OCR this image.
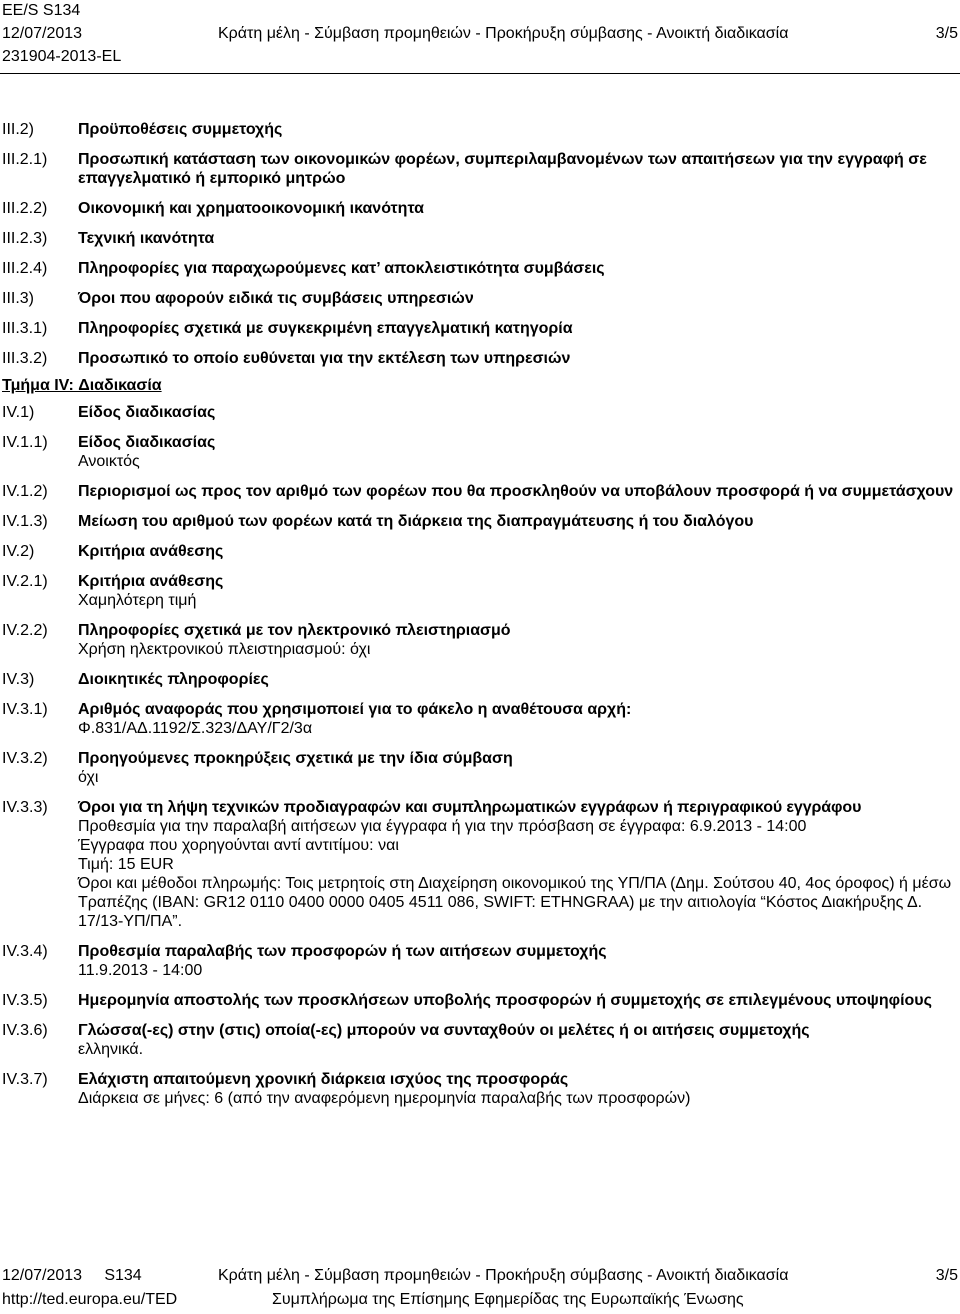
EE/S S134
12/07/2013	Κράτη μέλη - Σύμβαση προμηθειών - Προκήρυξη σύμβασης - Ανοικτή διαδικασία	3/5
231904-2013-EL
III.2)	Προϋποθέσεις συμμετοχής
III.2.1)	Προσωπική κατάσταση των οικονομικών φορέων, συμπεριλαμβανομένων των απαιτήσεων για την εγγραφή σε επαγγελματικό ή εμπορικό μητρώο
III.2.2)	Οικονομική και χρηματοοικονομική ικανότητα
III.2.3)	Τεχνική ικανότητα
III.2.4)	Πληροφορίες για παραχωρούμενες κατ’ αποκλειστικότητα συμβάσεις
III.3)	Όροι που αφορούν ειδικά τις συμβάσεις υπηρεσιών
III.3.1)	Πληροφορίες σχετικά με συγκεκριμένη επαγγελματική κατηγορία
III.3.2)	Προσωπικό το οποίο ευθύνεται για την εκτέλεση των υπηρεσιών
Τμήμα IV: Διαδικασία
IV.1)	Είδος διαδικασίας
IV.1.1)	Είδος διαδικασίας
Ανοικτός
IV.1.2)	Περιορισμοί ως προς τον αριθμό των φορέων που θα προσκληθούν να υποβάλουν προσφορά ή να συμμετάσχουν
IV.1.3)	Μείωση του αριθμού των φορέων κατά τη διάρκεια της διαπραγμάτευσης ή του διαλόγου
IV.2)	Κριτήρια ανάθεσης
IV.2.1)	Κριτήρια ανάθεσης
Χαμηλότερη τιμή
IV.2.2)	Πληροφορίες σχετικά με τον ηλεκτρονικό πλειστηριασμό
Χρήση ηλεκτρονικού πλειστηριασμού: όχι
IV.3)	Διοικητικές πληροφορίες
IV.3.1)	Αριθμός αναφοράς που χρησιμοποιεί για το φάκελο η αναθέτουσα αρχή:
Φ.831/ΑΔ.1192/Σ.323/ΔΑΥ/Γ2/3α
IV.3.2)	Προηγούμενες προκηρύξεις σχετικά με την ίδια σύμβαση
όχι
IV.3.3)	Όροι για τη λήψη τεχνικών προδιαγραφών και συμπληρωματικών εγγράφων ή περιγραφικού εγγράφου
Προθεσμία για την παραλαβή αιτήσεων για έγγραφα ή για την πρόσβαση σε έγγραφα: 6.9.2013 - 14:00
Έγγραφα που χορηγούνται αντί αντιτίμου: ναι
Τιμή: 15 EUR
Όροι και μέθοδοι πληρωμής: Τοις μετρητοίς στη Διαχείρηση οικονομικού της ΥΠ/ΠΑ (Δημ. Σούτσου 40, 4ος όροφος) ή μέσω Τραπέζης (IBAN: GR12 0110 0400 0000 0405 4511 086, SWIFT: ETHNGRAA) με την αιτιολογία “Κόστος Διακήρυξης Δ. 17/13-ΥΠ/ΠΑ”.
IV.3.4)	Προθεσμία παραλαβής των προσφορών ή των αιτήσεων συμμετοχής
11.9.2013 - 14:00
IV.3.5)	Ημερομηνία αποστολής των προσκλήσεων υποβολής προσφορών ή συμμετοχής σε επιλεγμένους υποψηφίους
IV.3.6)	Γλώσσα(-ες) στην (στις) οποία(-ες) μπορούν να συνταχθούν οι μελέτες ή οι αιτήσεις συμμετοχής
ελληνικά.
IV.3.7)	Ελάχιστη απαιτούμενη χρονική διάρκεια ισχύος της προσφοράς
Διάρκεια σε μήνες: 6 (από την αναφερόμενη ημερομηνία παραλαβής των προσφορών)
12/07/2013 S134	Κράτη μέλη - Σύμβαση προμηθειών - Προκήρυξη σύμβασης - Ανοικτή διαδικασία	3/5
http://ted.europa.eu/TED	Συμπλήρωμα της Επίσημης Εφημερίδας της Ευρωπαϊκής Ένωσης
